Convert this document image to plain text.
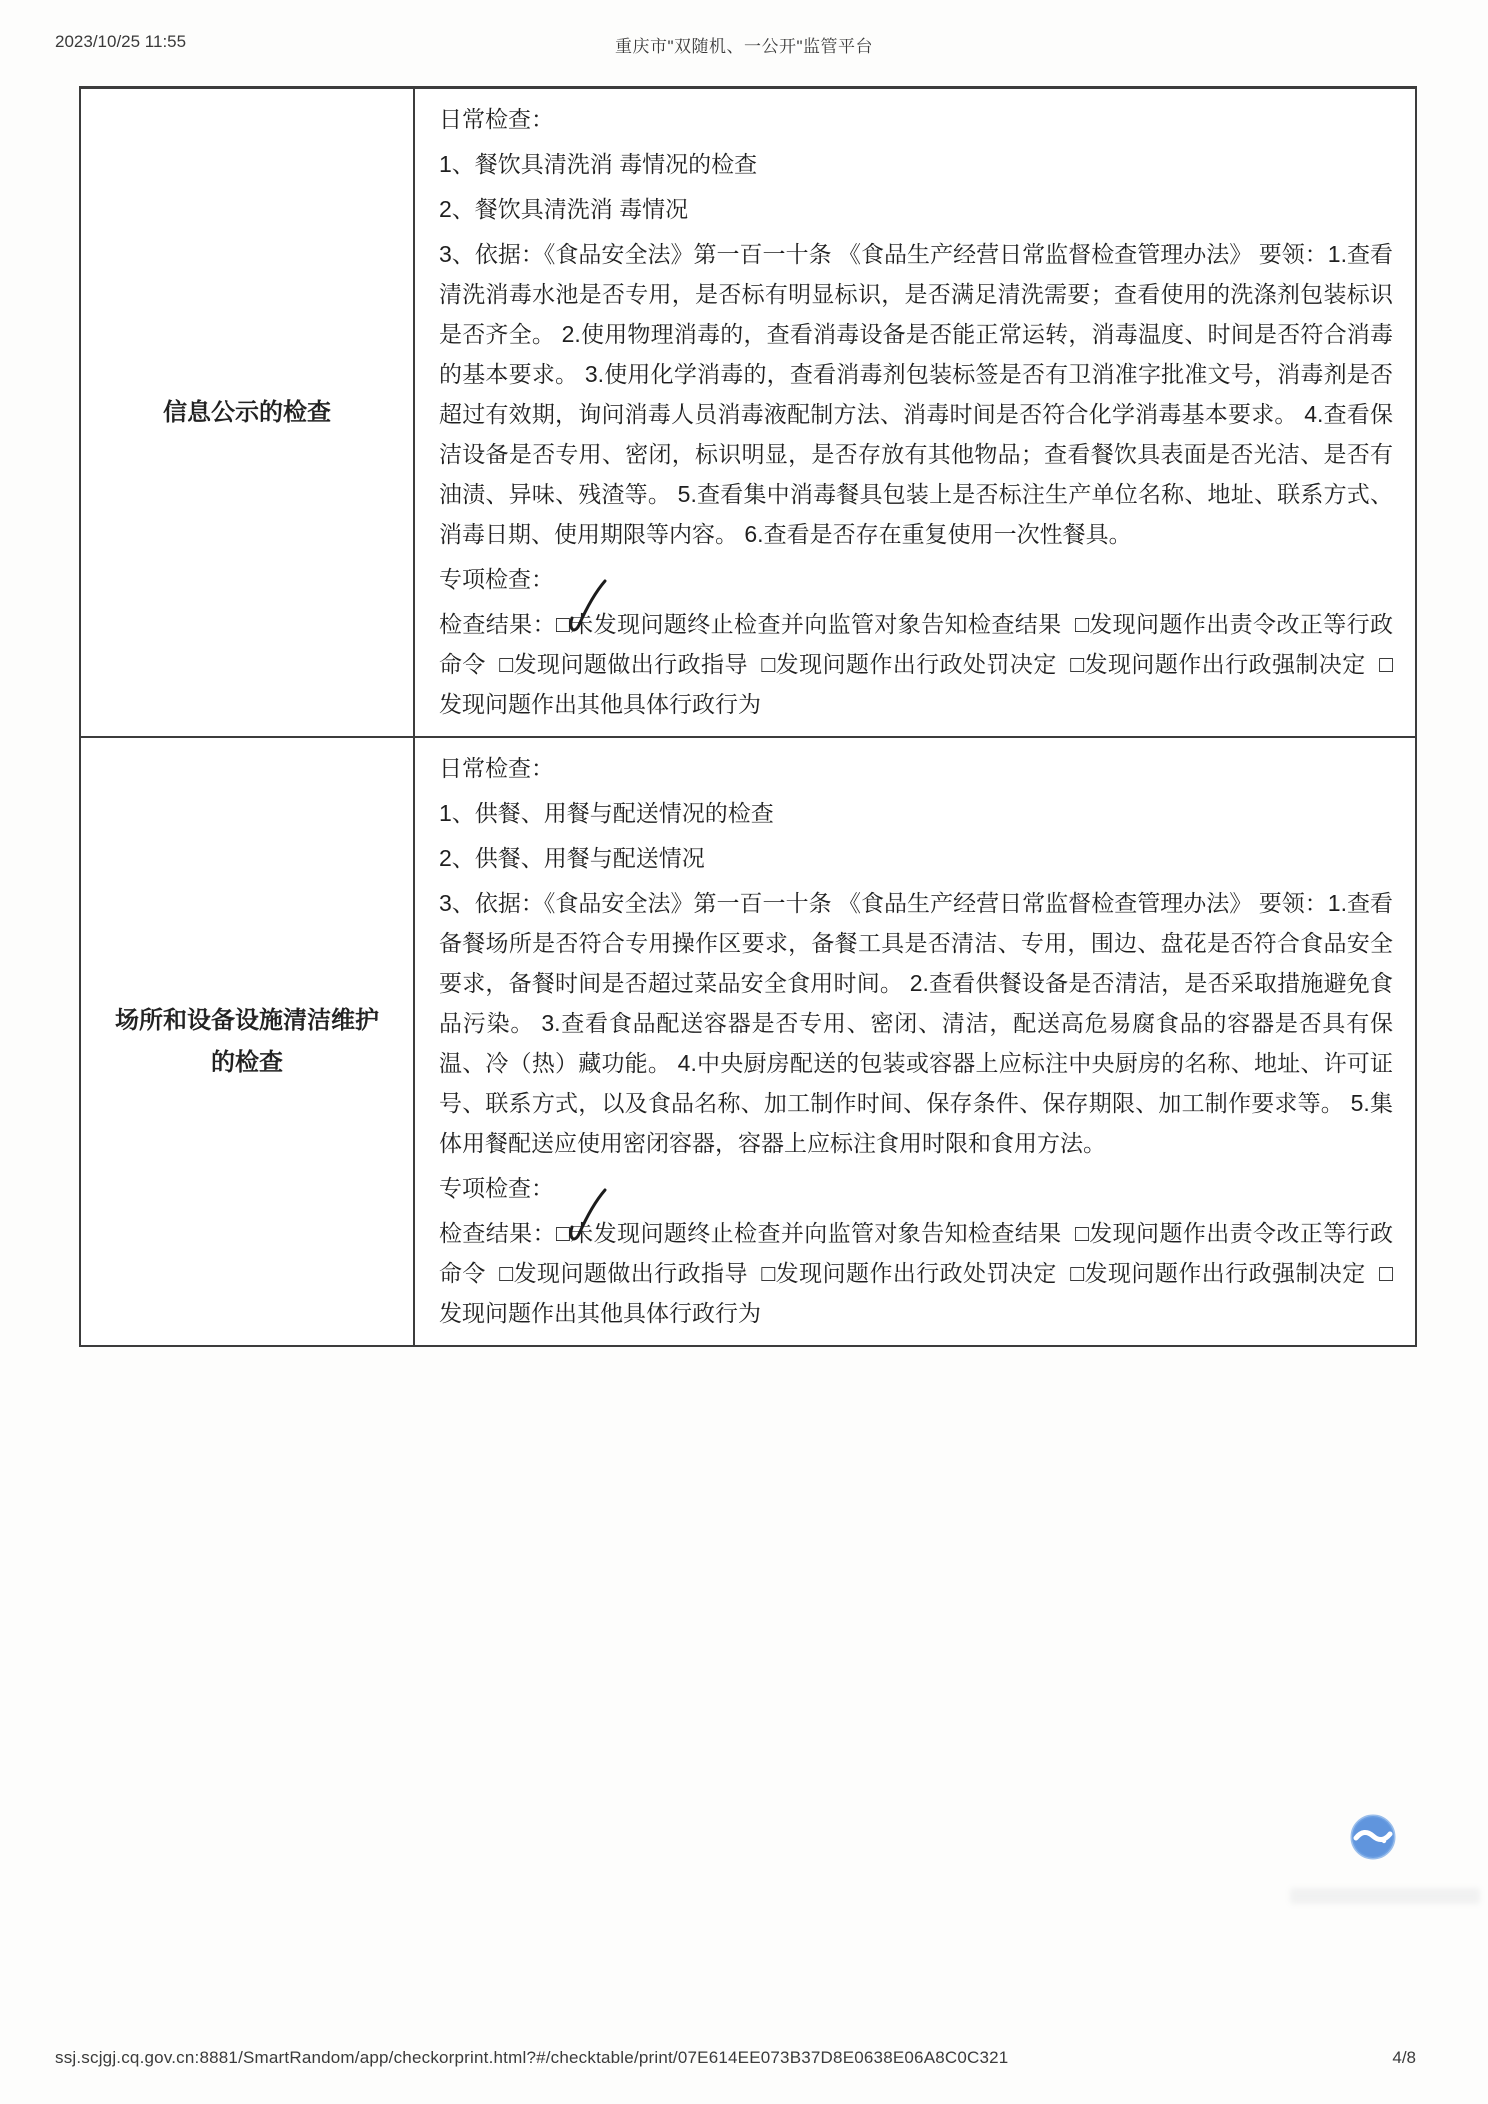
2023/10/25 11:55	重庆市"双随机、一公开"监管平台
信息公示的检查

日常检查：

1、餐饮具清洗消 毒情况的检查

2、餐饮具清洗消 毒情况

3、依据：《食品安全法》第一百一十条 《食品生产经营日常监督检查管理办法》 要领：1.查看清洗消毒水池是否专用，是否标有明显标识，是否满足清洗需要；查看使用的洗涤剂包装标识是否齐全。 2.使用物理消毒的，查看消毒设备是否能正常运转，消毒温度、时间是否符合消毒的基本要求。 3.使用化学消毒的，查看消毒剂包装标签是否有卫消准字批准文号，消毒剂是否超过有效期，询问消毒人员消毒液配制方法、消毒时间是否符合化学消毒基本要求。 4.查看保洁设备是否专用、密闭，标识明显，是否存放有其他物品；查看餐饮具表面是否光洁、是否有油渍、异味、残渣等。 5.查看集中消毒餐具包装上是否标注生产单位名称、地址、联系方式、消毒日期、使用期限等内容。 6.查看是否存在重复使用一次性餐具。

专项检查：

检查结果：□
未发现问题终止检查并向监管对象告知检查结果 □发现问题作出责令改正等行政命令 □发现问题做出行政指导 □发现问题作出行政处罚决定 □发现问题作出行政强制决定 □发现问题作出其他具体行政行为

场所和设备设施清洁维护的检查

日常检查：

1、供餐、用餐与配送情况的检查

2、供餐、用餐与配送情况

3、依据：《食品安全法》第一百一十条 《食品生产经营日常监督检查管理办法》 要领：1.查看备餐场所是否符合专用操作区要求，备餐工具是否清洁、专用，围边、盘花是否符合食品安全要求，备餐时间是否超过菜品安全食用时间。 2.查看供餐设备是否清洁，是否采取措施避免食品污染。 3.查看食品配送容器是否专用、密闭、清洁，配送高危易腐食品的容器是否具有保温、冷（热）藏功能。 4.中央厨房配送的包装或容器上应标注中央厨房的名称、地址、许可证号、联系方式，以及食品名称、加工制作时间、保存条件、保存期限、加工制作要求等。 5.集体用餐配送应使用密闭容器，容器上应标注食用时限和食用方法。

专项检查：

检查结果：□
未发现问题终止检查并向监管对象告知检查结果 □发现问题作出责令改正等行政命令 □发现问题做出行政指导 □发现问题作出行政处罚决定 □发现问题作出行政强制决定 □发现问题作出其他具体行政行为

ssj.scjgj.cq.gov.cn:8881/SmartRandom/app/checkorprint.html?#/checktable/print/07E614EE073B37D8E0638E06A8C0C321	4/8
